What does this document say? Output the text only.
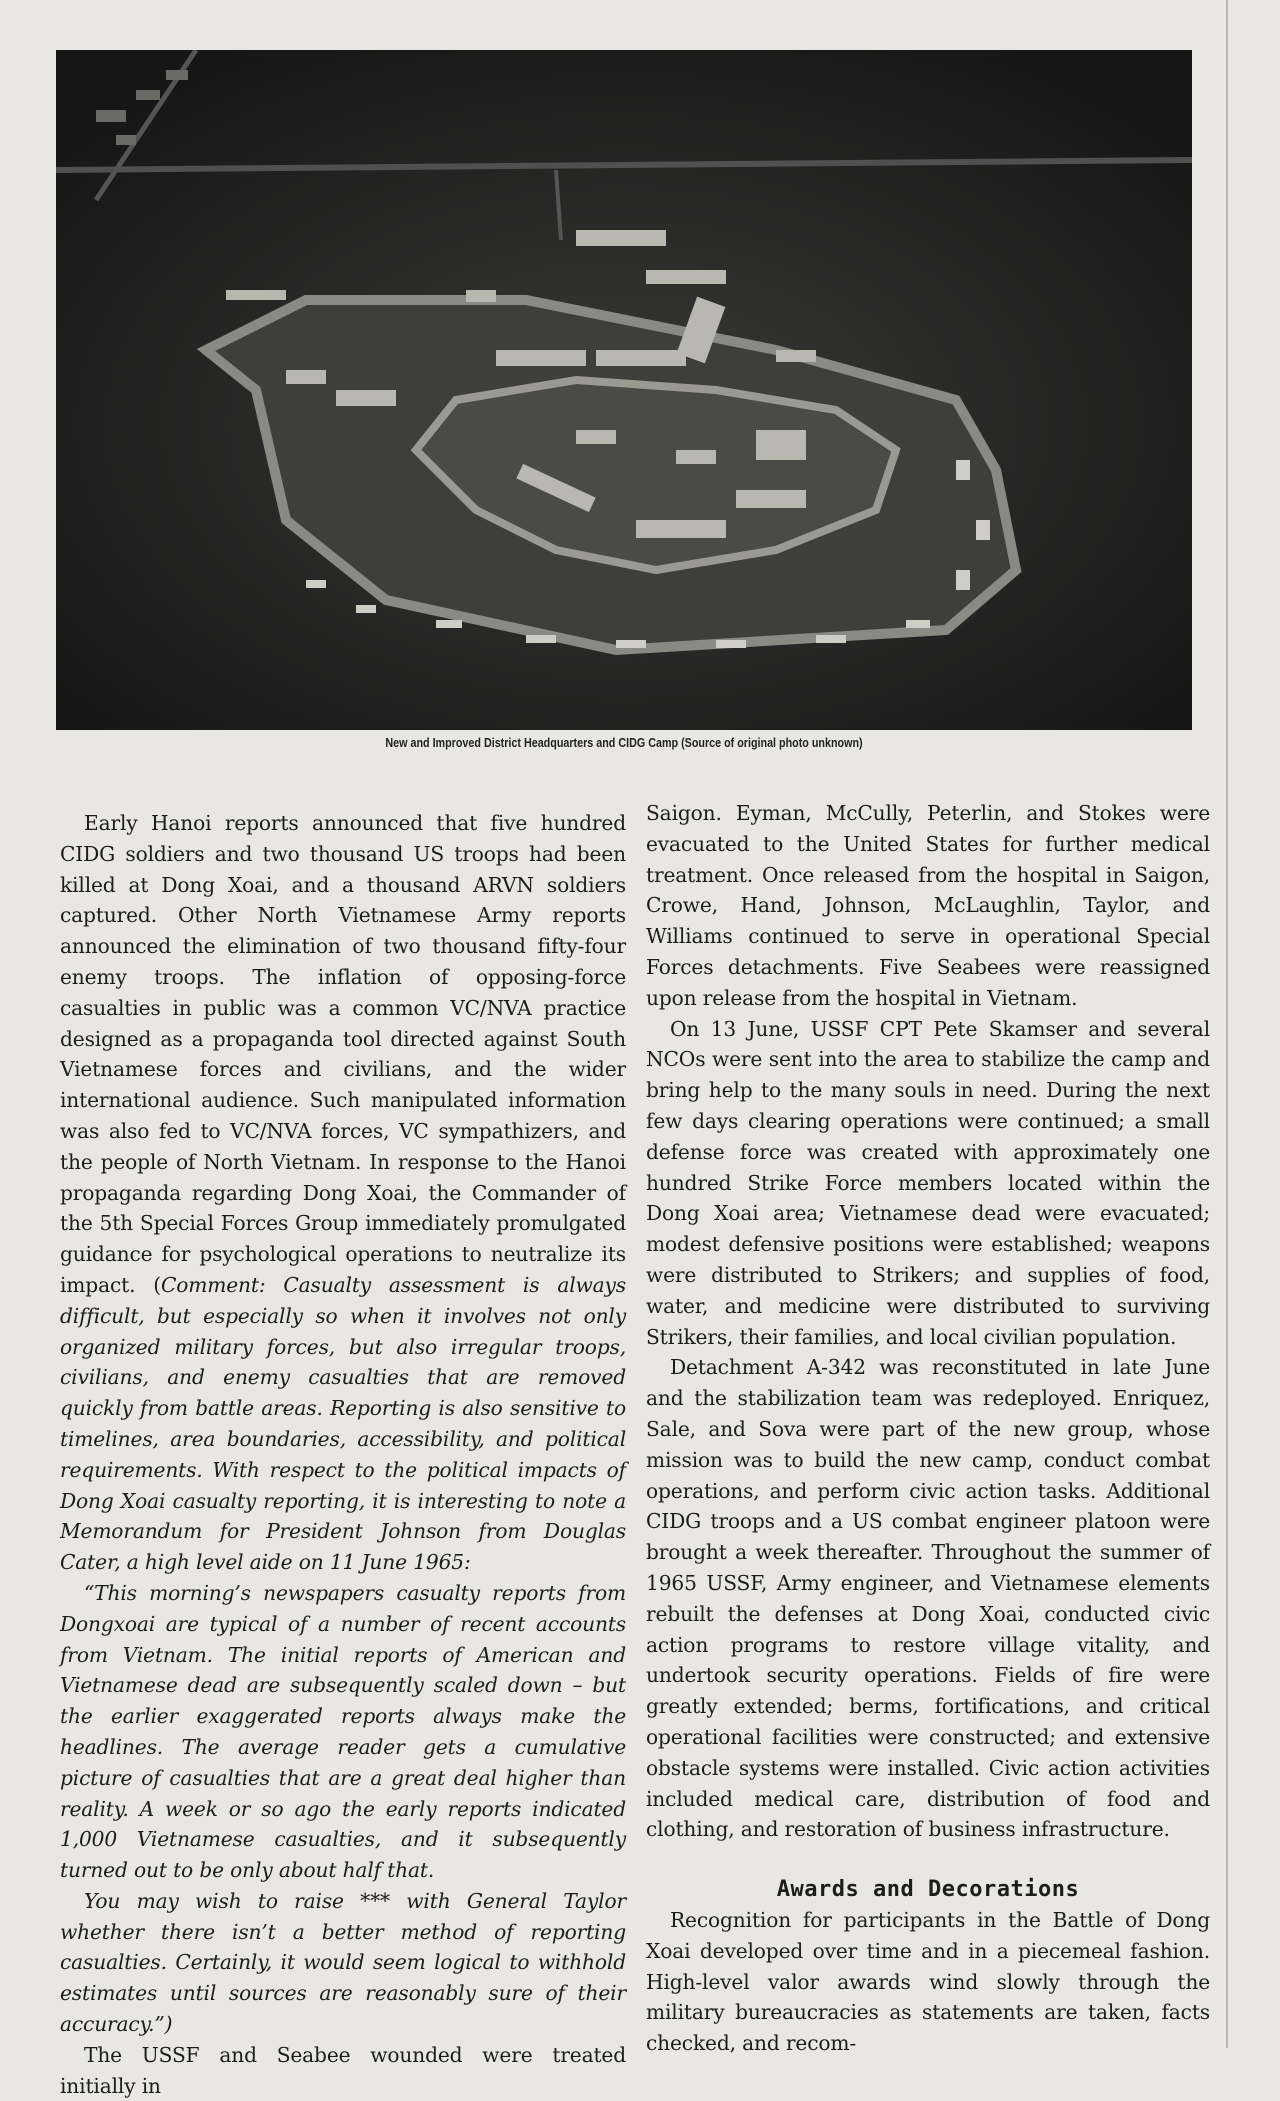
New and Improved District Headquarters and CIDG Camp (Source of original photo unknown)

Early Hanoi reports announced that five hundred CIDG soldiers and two thousand US troops had been killed at Dong Xoai, and a thousand ARVN soldiers captured. Other North Vietnamese Army reports announced the elimination of two thousand fifty-four enemy troops. The inflation of opposing-force casualties in public was a common VC/NVA practice designed as a propaganda tool directed against South Vietnamese forces and civilians, and the wider international audience. Such manipulated information was also fed to VC/NVA forces, VC sympathizers, and the people of North Vietnam. In response to the Hanoi propaganda regarding Dong Xoai, the Commander of the 5th Special Forces Group immediately promulgated guidance for psychological operations to neutralize its impact. (Comment: Casualty assessment is always difficult, but especially so when it involves not only organized military forces, but also irregular troops, civilians, and enemy casualties that are removed quickly from battle areas. Reporting is also sensitive to timelines, area boundaries, accessibility, and political requirements. With respect to the political impacts of Dong Xoai casualty reporting, it is interesting to note a Memorandum for President Johnson from Douglas Cater, a high level aide on 11 June 1965:

“This morning’s newspapers casualty reports from Dongxoai are typical of a number of recent accounts from Vietnam. The initial reports of American and Vietnamese dead are subsequently scaled down – but the earlier exaggerated reports always make the headlines. The average reader gets a cumulative picture of casualties that are a great deal higher than reality. A week or so ago the early reports indicated 1,000 Vietnamese casualties, and it subsequently turned out to be only about half that.

You may wish to raise *** with General Taylor whether there isn’t a better method of reporting casualties. Certainly, it would seem logical to withhold estimates until sources are reasonably sure of their accuracy.”)

The USSF and Seabee wounded were treated initially in

Saigon. Eyman, McCully, Peterlin, and Stokes were evacuated to the United States for further medical treatment. Once released from the hospital in Saigon, Crowe, Hand, Johnson, McLaughlin, Taylor, and Williams continued to serve in operational Special Forces detachments. Five Seabees were reassigned upon release from the hospital in Vietnam.

On 13 June, USSF CPT Pete Skamser and several NCOs were sent into the area to stabilize the camp and bring help to the many souls in need. During the next few days clearing operations were continued; a small defense force was created with approximately one hundred Strike Force members located within the Dong Xoai area; Vietnamese dead were evacuated; modest defensive positions were established; weapons were distributed to Strikers; and supplies of food, water, and medicine were distributed to surviving Strikers, their families, and local civilian population.

Detachment A-342 was reconstituted in late June and the stabilization team was redeployed. Enriquez, Sale, and Sova were part of the new group, whose mission was to build the new camp, conduct combat operations, and perform civic action tasks. Additional CIDG troops and a US combat engineer platoon were brought a week thereafter. Throughout the summer of 1965 USSF, Army engineer, and Vietnamese elements rebuilt the defenses at Dong Xoai, conducted civic action programs to restore village vitality, and undertook security operations. Fields of fire were greatly extended; berms, fortifications, and critical operational facilities were constructed; and extensive obstacle systems were installed. Civic action activities included medical care, distribution of food and clothing, and restoration of business infrastructure.

Awards and Decorations

Recognition for participants in the Battle of Dong Xoai developed over time and in a piecemeal fashion. High-level valor awards wind slowly through the military bureaucracies as statements are taken, facts checked, and recom-
